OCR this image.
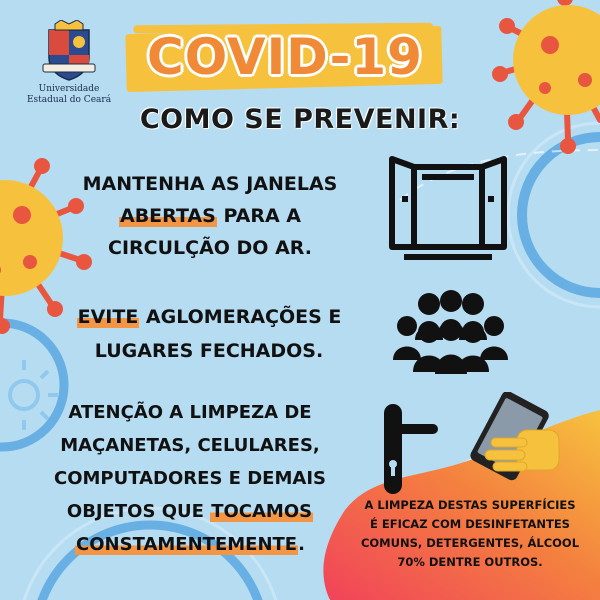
Universidade
Estadual do Ceará
COVID-19
COMO SE PREVENIR:
MANTENHA AS JANELAS
ABERTAS PARA A
CIRCULÇÃO DO AR.
EVITE AGLOMERAÇÕES E
LUGARES FECHADOS.
ATENÇÃO A LIMPEZA DE
MAÇANETAS, CELULARES,
COMPUTADORES E DEMAIS
OBJETOS QUE TOCAMOS
CONSTAMENTEMENTE.
A LIMPEZA DESTAS SUPERFÍCIES
É EFICAZ COM DESINFETANTES
COMUNS, DETERGENTES, ÁLCOOL
70% DENTRE OUTROS.
